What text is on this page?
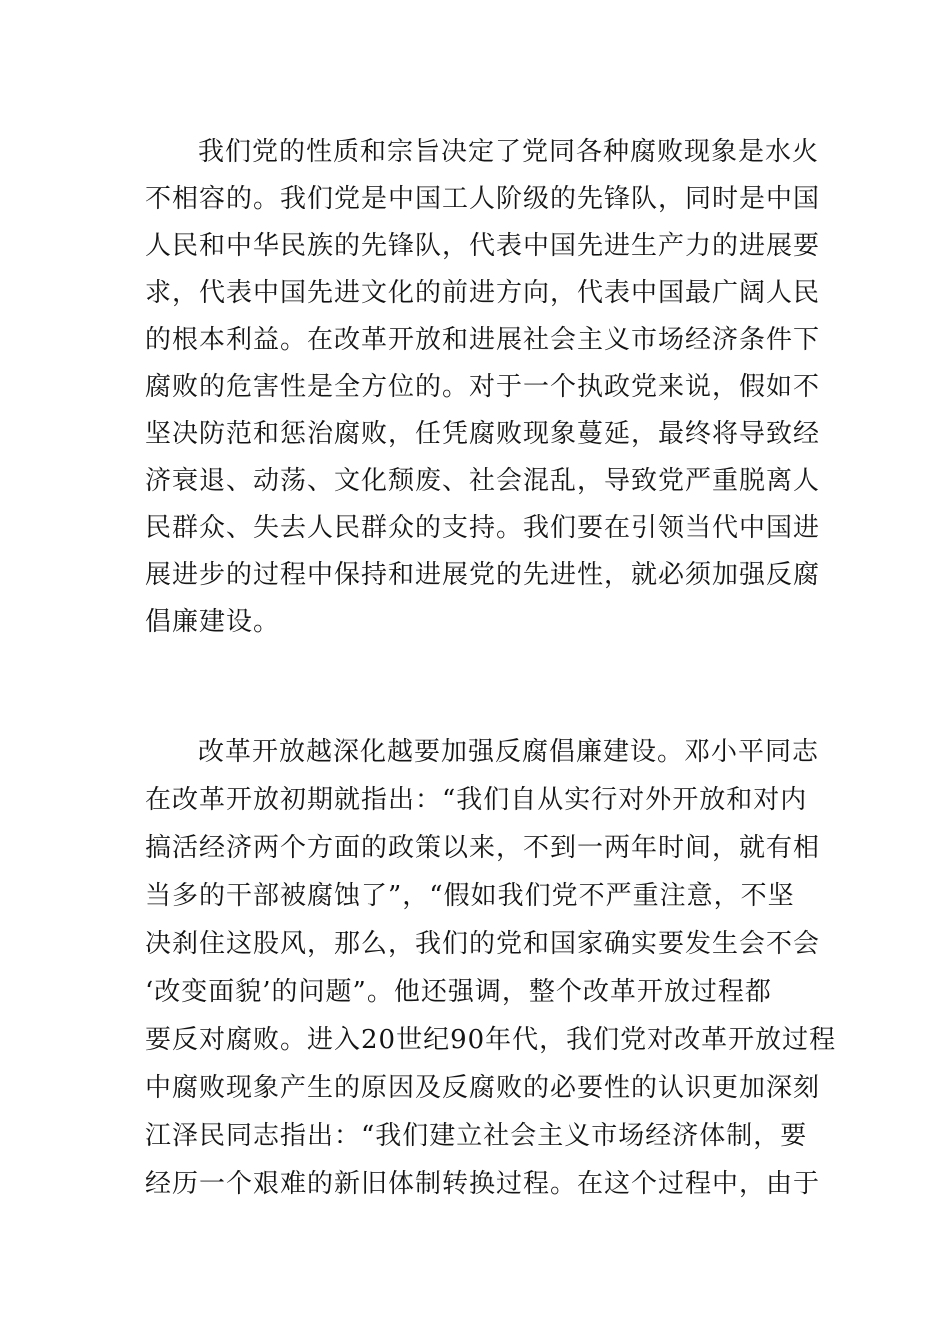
我们党的性质和宗旨决定了党同各种腐败现象是水火
不相容的。我们党是中国工人阶级的先锋队，同时是中国
人民和中华民族的先锋队，代表中国先进生产力的进展要
求，代表中国先进文化的前进方向，代表中国最广阔人民
的根本利益。在改革开放和进展社会主义市场经济条件下
腐败的危害性是全方位的。对于一个执政党来说，假如不
坚决防范和惩治腐败，任凭腐败现象蔓延，最终将导致经
济衰退、动荡、文化颓废、社会混乱，导致党严重脱离人
民群众、失去人民群众的支持。我们要在引领当代中国进
展进步的过程中保持和进展党的先进性，就必须加强反腐
倡廉建设。
改革开放越深化越要加强反腐倡廉建设。邓小平同志
在改革开放初期就指出：“我们自从实行对外开放和对内
搞活经济两个方面的政策以来，不到一两年时间，就有相
当多的干部被腐蚀了”，“假如我们党不严重注意，不坚
决刹住这股风，那么，我们的党和国家确实要发生会不会
‘改变面貌’的问题”。他还强调，整个改革开放过程都
要反对腐败。进入20世纪90年代，我们党对改革开放过程
中腐败现象产生的原因及反腐败的必要性的认识更加深刻
江泽民同志指出：“我们建立社会主义市场经济体制，要
经历一个艰难的新旧体制转换过程。在这个过程中，由于
